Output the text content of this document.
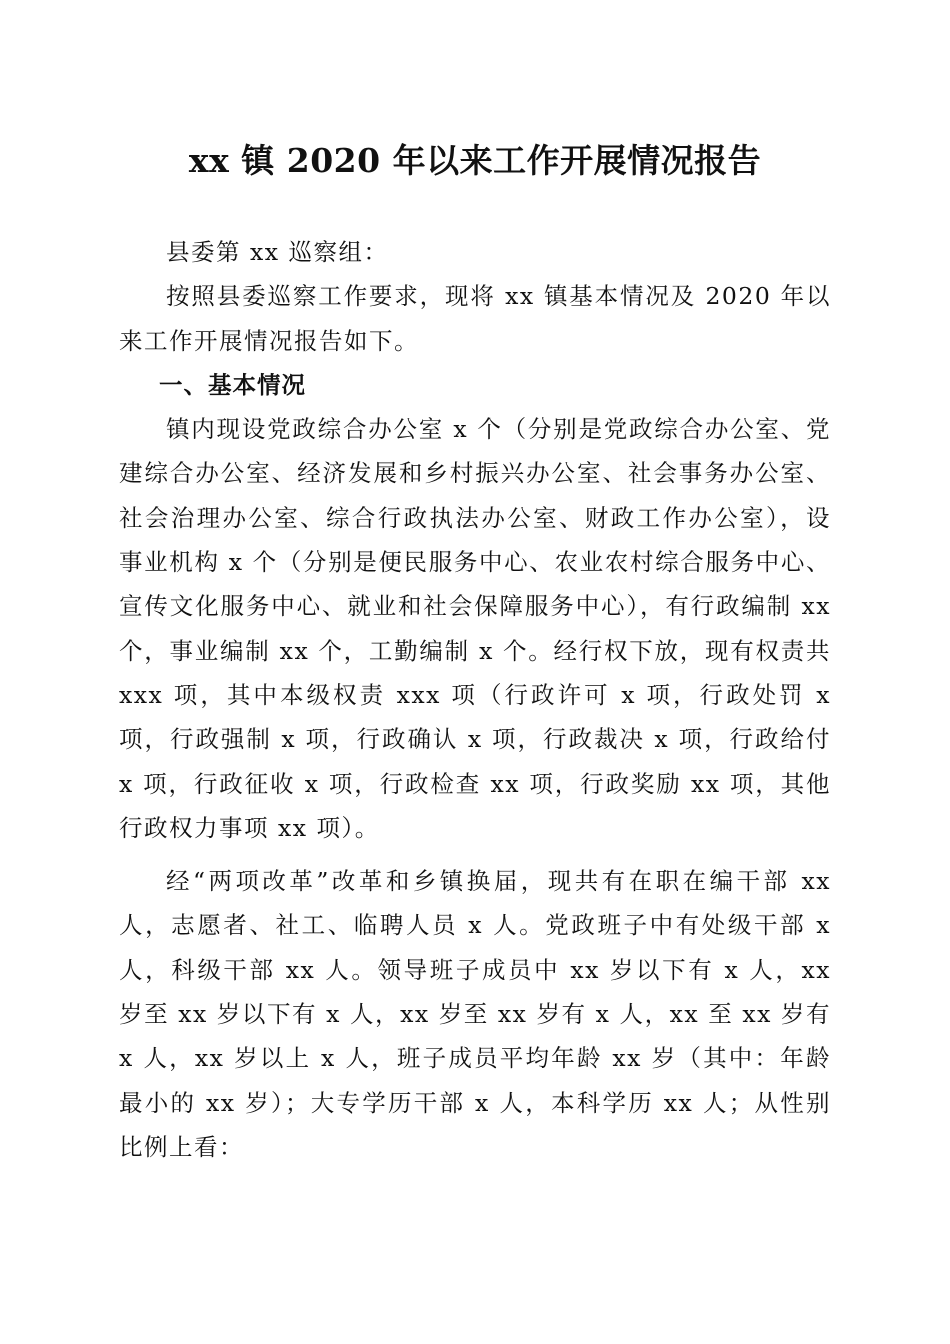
xx 镇 2020 年以来工作开展情况报告

县委第 xx 巡察组：

按照县委巡察工作要求，现将 xx 镇基本情况及 2020 年以来工作开展情况报告如下。

一、基本情况

镇内现设党政综合办公室 x 个（分别是党政综合办公室、党建综合办公室、经济发展和乡村振兴办公室、社会事务办公室、社会治理办公室、综合行政执法办公室、财政工作办公室），设事业机构 x 个（分别是便民服务中心、农业农村综合服务中心、宣传文化服务中心、就业和社会保障服务中心），有行政编制 xx 个，事业编制 xx 个，工勤编制 x 个。经行权下放，现有权责共 xxx 项，其中本级权责 xxx 项（行政许可 x 项，行政处罚 x 项，行政强制 x 项，行政确认 x 项，行政裁决 x 项，行政给付 x 项，行政征收 x 项，行政检查 xx 项，行政奖励 xx 项，其他行政权力事项 xx 项）。

经“两项改革”改革和乡镇换届，现共有在职在编干部 xx 人，志愿者、社工、临聘人员 x 人。党政班子中有处级干部 x 人，科级干部 xx 人。领导班子成员中 xx 岁以下有 x 人，xx 岁至 xx 岁以下有 x 人，xx 岁至 xx 岁有 x 人，xx 至 xx 岁有 x 人，xx 岁以上 x 人，班子成员平均年龄 xx 岁（其中：年龄最小的 xx 岁）；大专学历干部 x 人，本科学历 xx 人；从性别比例上看：
